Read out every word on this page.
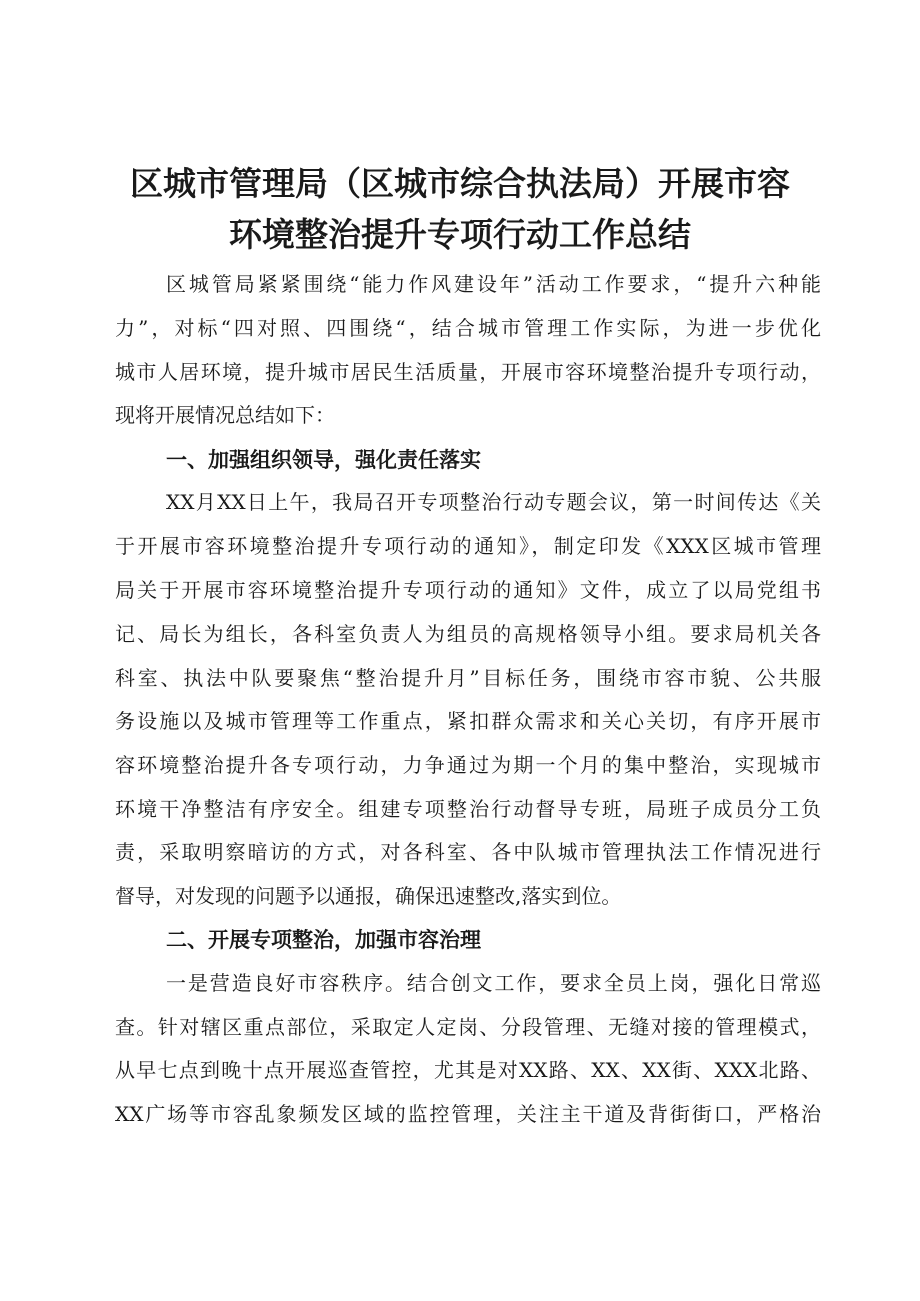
区城市管理局（区城市综合执法局）开展市容
环境整治提升专项行动工作总结

区城管局紧紧围绕“能力作风建设年”活动工作要求，“提升六种能

力”，对标“四对照、四围绕“，结合城市管理工作实际，为进一步优化

城市人居环境，提升城市居民生活质量，开展市容环境整治提升专项行动，

现将开展情况总结如下：

一、加强组织领导，强化责任落实

XX月XX日上午，我局召开专项整治行动专题会议，第一时间传达《关

于开展市容环境整治提升专项行动的通知》，制定印发《XXX区城市管理

局关于开展市容环境整治提升专项行动的通知》文件，成立了以局党组书

记、局长为组长，各科室负责人为组员的高规格领导小组。要求局机关各

科室、执法中队要聚焦“整治提升月”目标任务，围绕市容市貌、公共服

务设施以及城市管理等工作重点，紧扣群众需求和关心关切，有序开展市

容环境整治提升各专项行动，力争通过为期一个月的集中整治，实现城市

环境干净整洁有序安全。组建专项整治行动督导专班，局班子成员分工负

责，采取明察暗访的方式，对各科室、各中队城市管理执法工作情况进行

督导，对发现的问题予以通报，确保迅速整改,落实到位。

二、开展专项整治，加强市容治理

一是营造良好市容秩序。结合创文工作，要求全员上岗，强化日常巡

查。针对辖区重点部位，采取定人定岗、分段管理、无缝对接的管理模式，

从早七点到晚十点开展巡查管控，尤其是对XX路、XX、XX街、XXX北路、

XX广场等市容乱象频发区域的监控管理，关注主干道及背街街口，严格治
